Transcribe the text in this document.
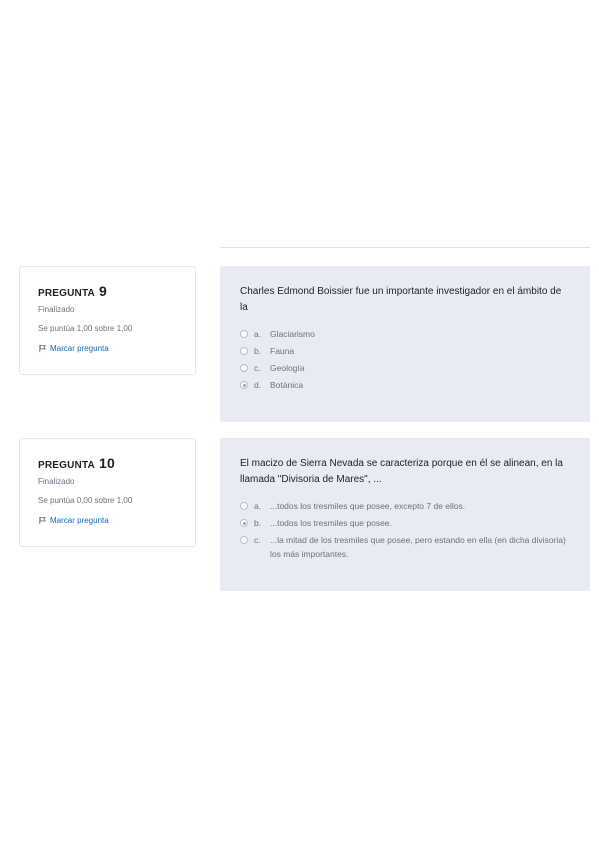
PREGUNTA 9
Finalizado
Se puntúa 1,00 sobre 1,00
Marcar pregunta
Charles Edmond Boissier fue un importante investigador en el ámbito de la
a.	Glaciarismo
b.	Fauna
c.	Geología
d.	Botánica
PREGUNTA 10
Finalizado
Se puntúa 0,00 sobre 1,00
Marcar pregunta
El macizo de Sierra Nevada se caracteriza porque en él se alinean, en la llamada "Divisoria de Mares", ...
a.	...todos los tresmiles que posee, excepto 7 de ellos.
b.	...todos los tresmiles que posee.
c.	...la mitad de los tresmiles que posee, pero estando en ella (en dicha divisoria) los más importantes.
